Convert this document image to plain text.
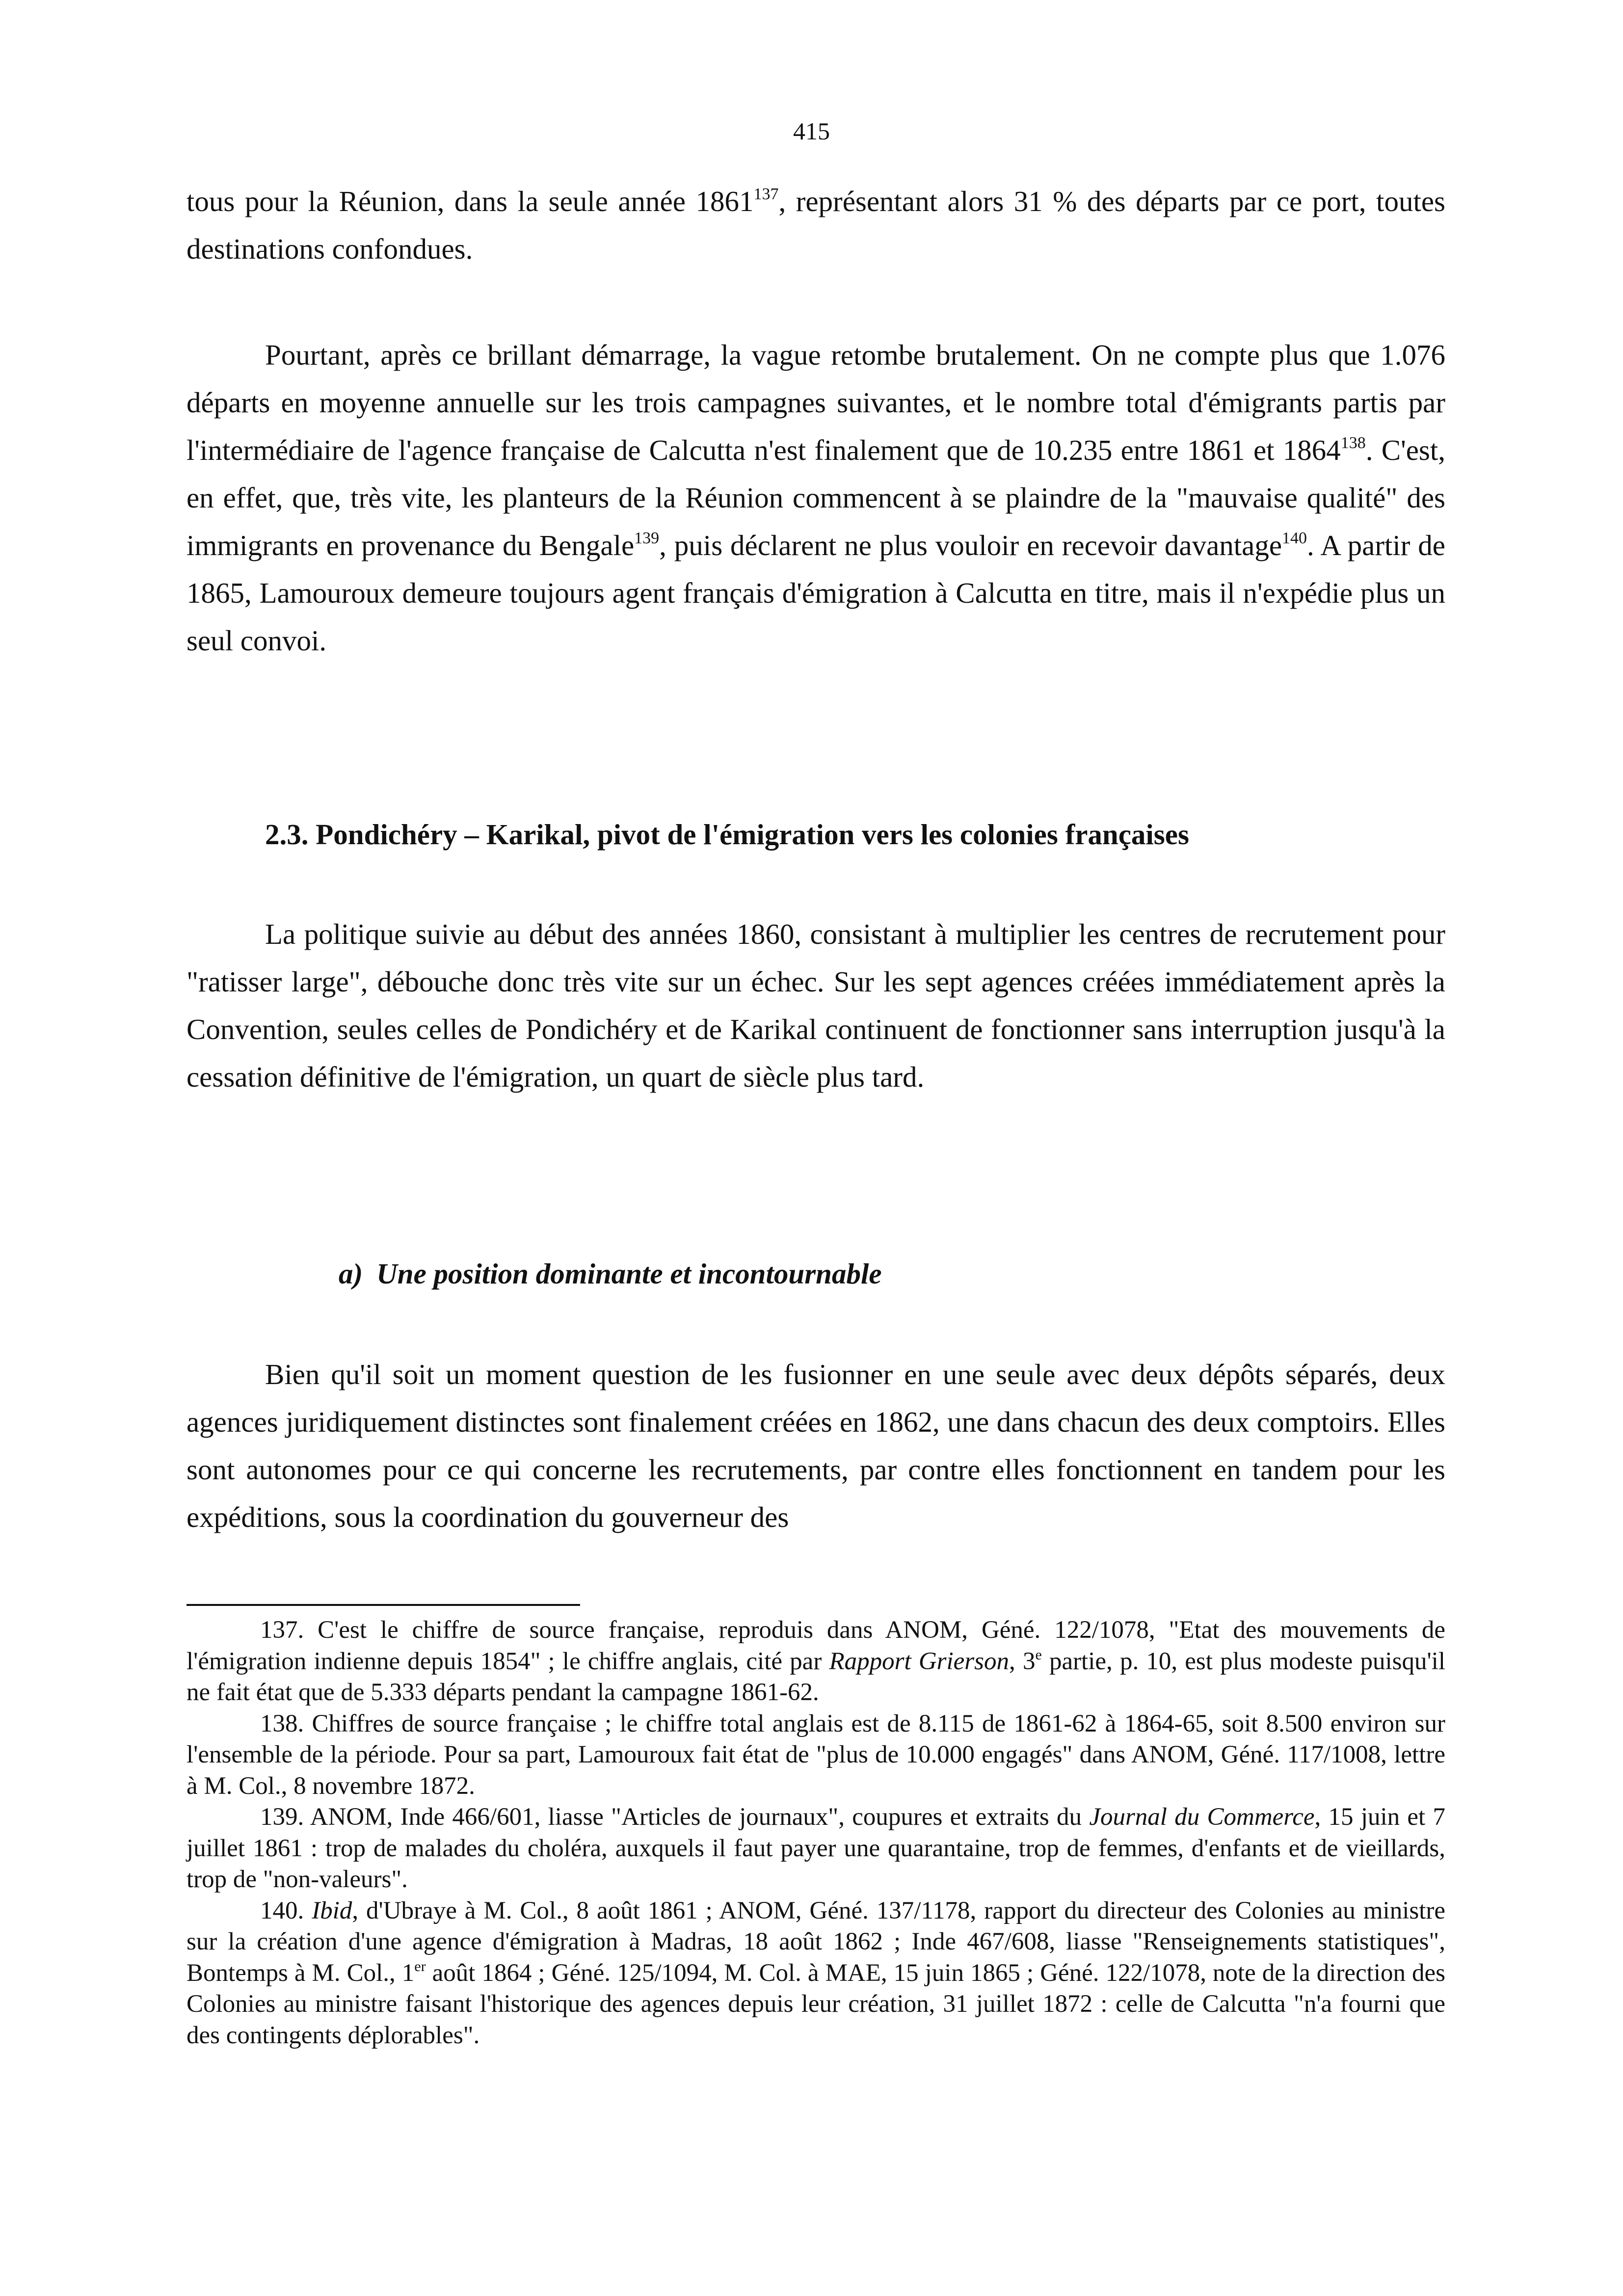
415

tous pour la Réunion, dans la seule année 1861$^{137}$, représentant alors 31 % des départs par ce port, toutes destinations confondues.

Pourtant, après ce brillant démarrage, la vague retombe brutalement. On ne compte plus que 1.076 départs en moyenne annuelle sur les trois campagnes suivantes, et le nombre total d'émigrants partis par l'intermédiaire de l'agence française de Calcutta n'est finalement que de 10.235 entre 1861 et 1864$^{138}$. C'est, en effet, que, très vite, les planteurs de la Réunion commencent à se plaindre de la "mauvaise qualité" des immigrants en provenance du Bengale$^{139}$, puis déclarent ne plus vouloir en recevoir davantage$^{140}$. A partir de 1865, Lamouroux demeure toujours agent français d'émigration à Calcutta en titre, mais il n'expédie plus un seul convoi.

2.3. Pondichéry – Karikal, pivot de l'émigration vers les colonies françaises

La politique suivie au début des années 1860, consistant à multiplier les centres de recrutement pour "ratisser large", débouche donc très vite sur un échec. Sur les sept agences créées immédiatement après la Convention, seules celles de Pondichéry et de Karikal continuent de fonctionner sans interruption jusqu'à la cessation définitive de l'émigration, un quart de siècle plus tard.

a) Une position dominante et incontournable

Bien qu'il soit un moment question de les fusionner en une seule avec deux dépôts séparés, deux agences juridiquement distinctes sont finalement créées en 1862, une dans chacun des deux comptoirs. Elles sont autonomes pour ce qui concerne les recrutements, par contre elles fonctionnent en tandem pour les expéditions, sous la coordination du gouverneur des

137. C'est le chiffre de source française, reproduis dans ANOM, Géné. 122/1078, "Etat des mouvements de l'émigration indienne depuis 1854" ; le chiffre anglais, cité par Rapport Grierson, 3e partie, p. 10, est plus modeste puisqu'il ne fait état que de 5.333 départs pendant la campagne 1861-62.

138. Chiffres de source française ; le chiffre total anglais est de 8.115 de 1861-62 à 1864-65, soit 8.500 environ sur l'ensemble de la période. Pour sa part, Lamouroux fait état de "plus de 10.000 engagés" dans ANOM, Géné. 117/1008, lettre à M. Col., 8 novembre 1872.

139. ANOM, Inde 466/601, liasse "Articles de journaux", coupures et extraits du Journal du Commerce, 15 juin et 7 juillet 1861 : trop de malades du choléra, auxquels il faut payer une quarantaine, trop de femmes, d'enfants et de vieillards, trop de "non-valeurs".

140. Ibid, d'Ubraye à M. Col., 8 août 1861 ; ANOM, Géné. 137/1178, rapport du directeur des Colonies au ministre sur la création d'une agence d'émigration à Madras, 18 août 1862 ; Inde 467/608, liasse "Renseignements statistiques", Bontemps à M. Col., 1er août 1864 ; Géné. 125/1094, M. Col. à MAE, 15 juin 1865 ; Géné. 122/1078, note de la direction des Colonies au ministre faisant l'historique des agences depuis leur création, 31 juillet 1872 : celle de Calcutta "n'a fourni que des contingents déplorables".
